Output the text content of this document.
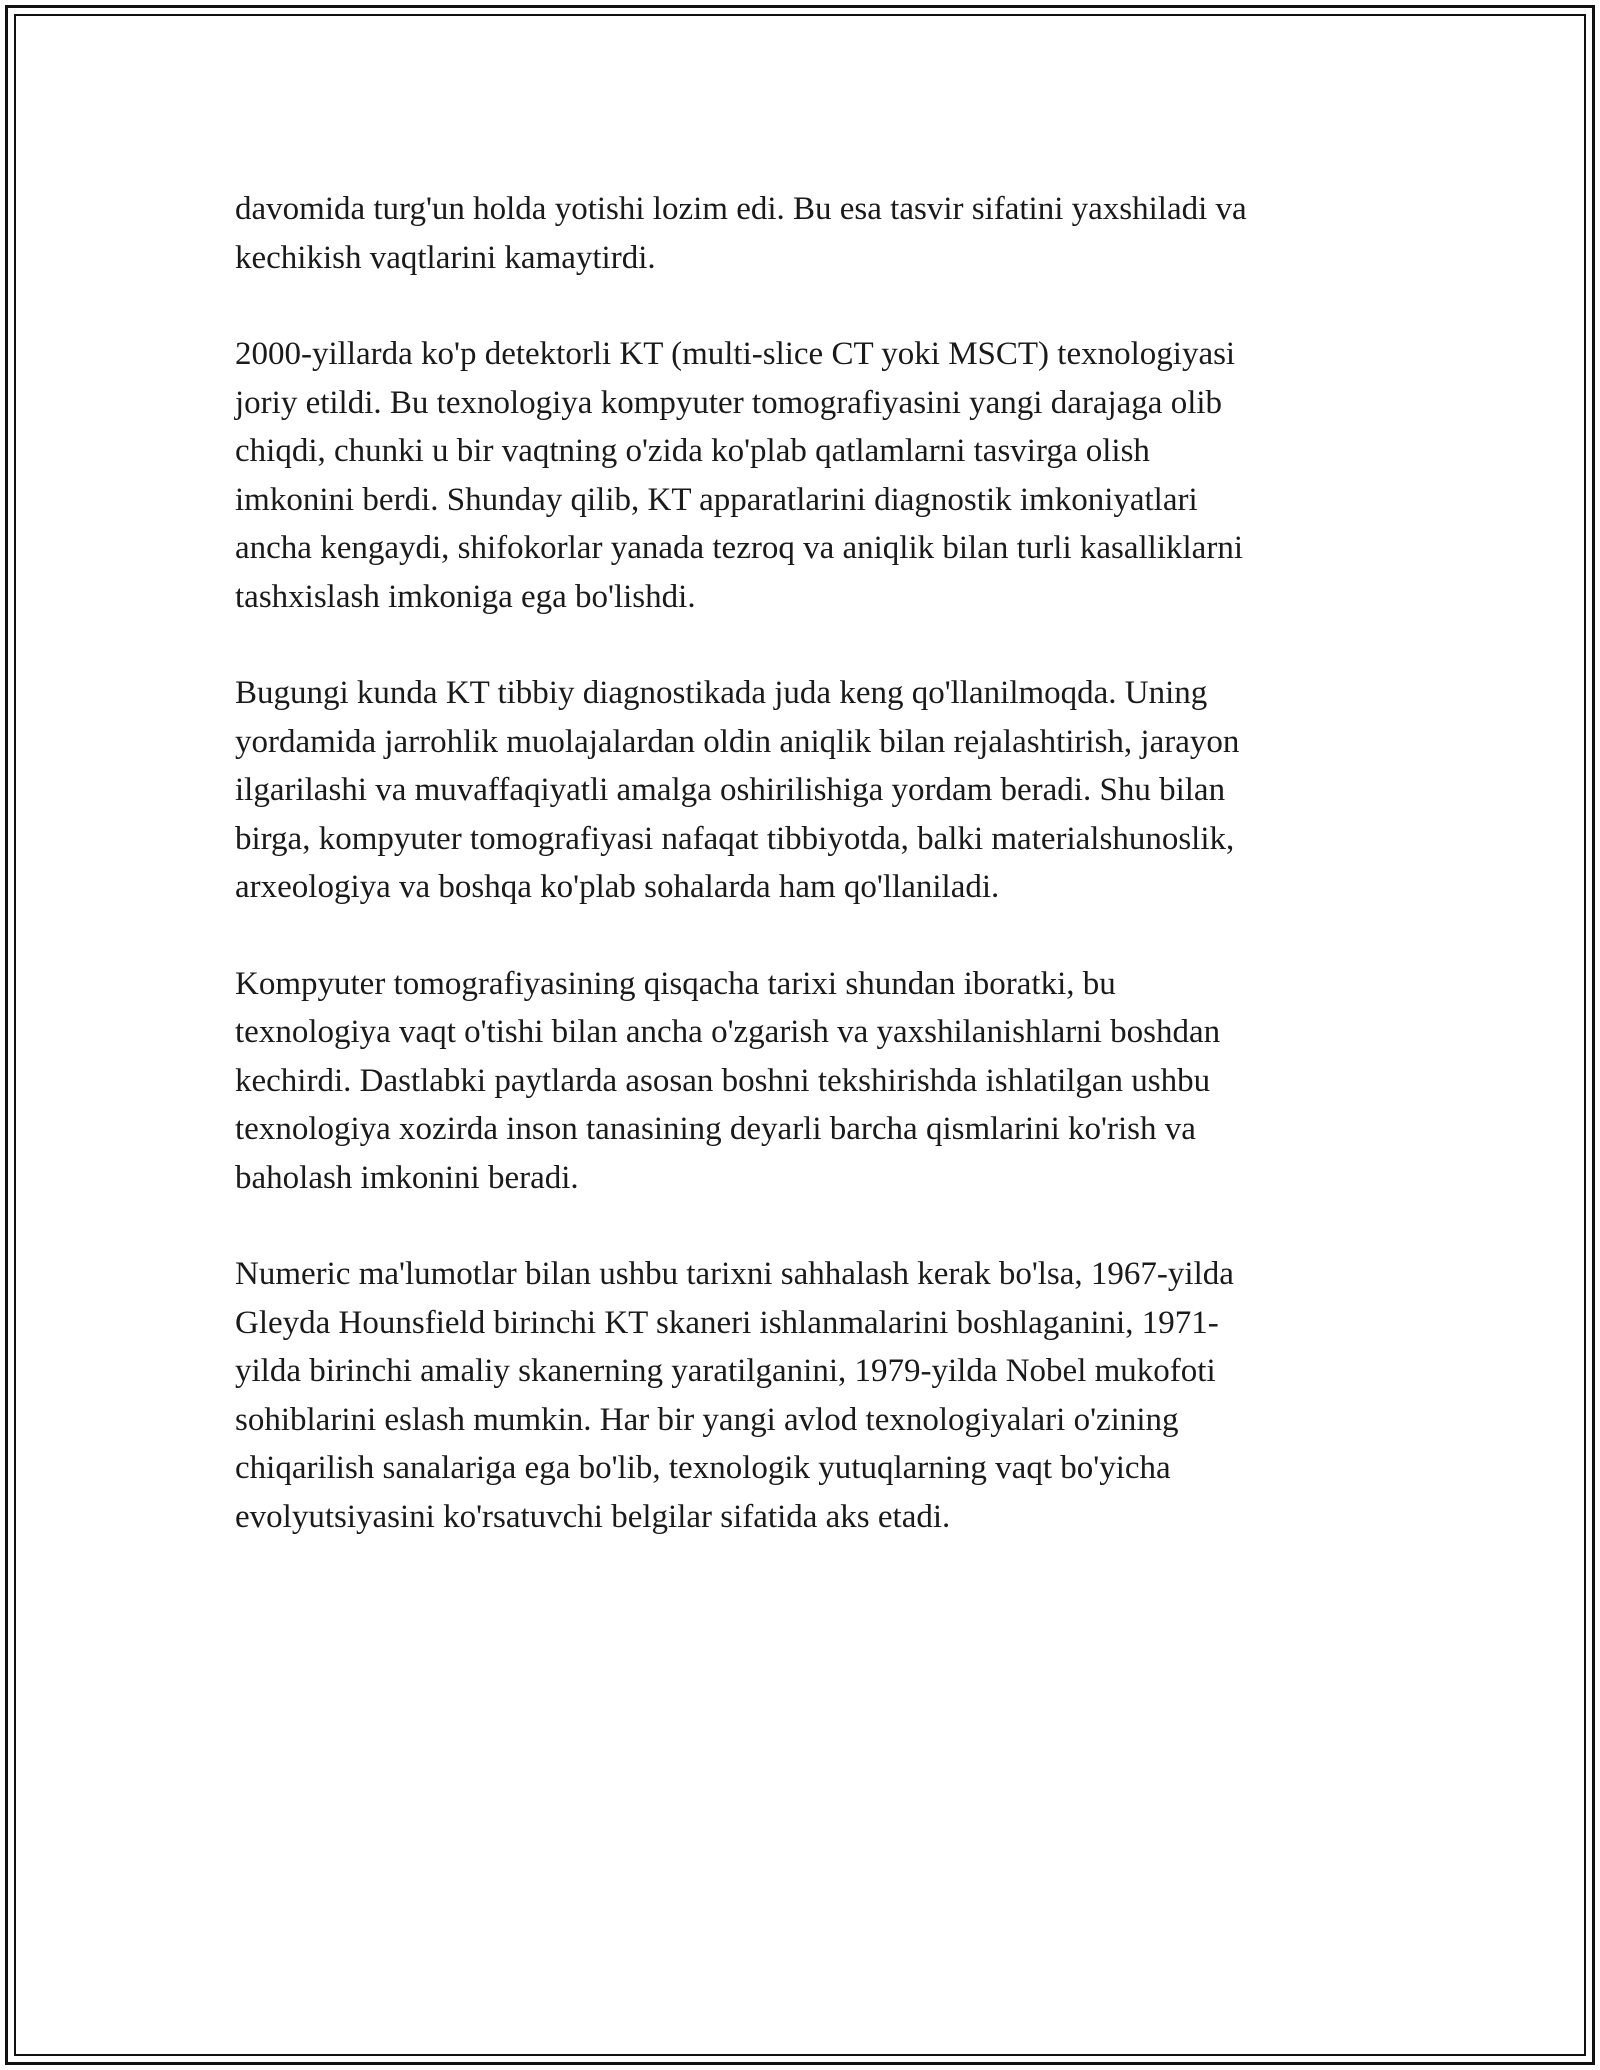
davomida turg'un holda yotishi lozim edi. Bu esa tasvir sifatini yaxshiladi va
kechikish vaqtlarini kamaytirdi.

2000-yillarda ko'p detektorli KT (multi-slice CT yoki MSCT) texnologiyasi
joriy etildi. Bu texnologiya kompyuter tomografiyasini yangi darajaga olib
chiqdi, chunki u bir vaqtning o'zida ko'plab qatlamlarni tasvirga olish
imkonini berdi. Shunday qilib, KT apparatlarini diagnostik imkoniyatlari
ancha kengaydi, shifokorlar yanada tezroq va aniqlik bilan turli kasalliklarni
tashxislash imkoniga ega bo'lishdi.

Bugungi kunda KT tibbiy diagnostikada juda keng qo'llanilmoqda. Uning
yordamida jarrohlik muolajalardan oldin aniqlik bilan rejalashtirish, jarayon
ilgarilashi va muvaffaqiyatli amalga oshirilishiga yordam beradi. Shu bilan
birga, kompyuter tomografiyasi nafaqat tibbiyotda, balki materialshunoslik,
arxeologiya va boshqa ko'plab sohalarda ham qo'llaniladi.

Kompyuter tomografiyasining qisqacha tarixi shundan iboratki, bu
texnologiya vaqt o'tishi bilan ancha o'zgarish va yaxshilanishlarni boshdan
kechirdi. Dastlabki paytlarda asosan boshni tekshirishda ishlatilgan ushbu
texnologiya xozirda inson tanasining deyarli barcha qismlarini ko'rish va
baholash imkonini beradi.

Numeric ma'lumotlar bilan ushbu tarixni sahhalash kerak bo'lsa, 1967-yilda
Gleyda Hounsfield birinchi KT skaneri ishlanmalarini boshlaganini, 1971-
yilda birinchi amaliy skanerning yaratilganini, 1979-yilda Nobel mukofoti
sohiblarini eslash mumkin. Har bir yangi avlod texnologiyalari o'zining
chiqarilish sanalariga ega bo'lib, texnologik yutuqlarning vaqt bo'yicha
evolyutsiyasini ko'rsatuvchi belgilar sifatida aks etadi.
